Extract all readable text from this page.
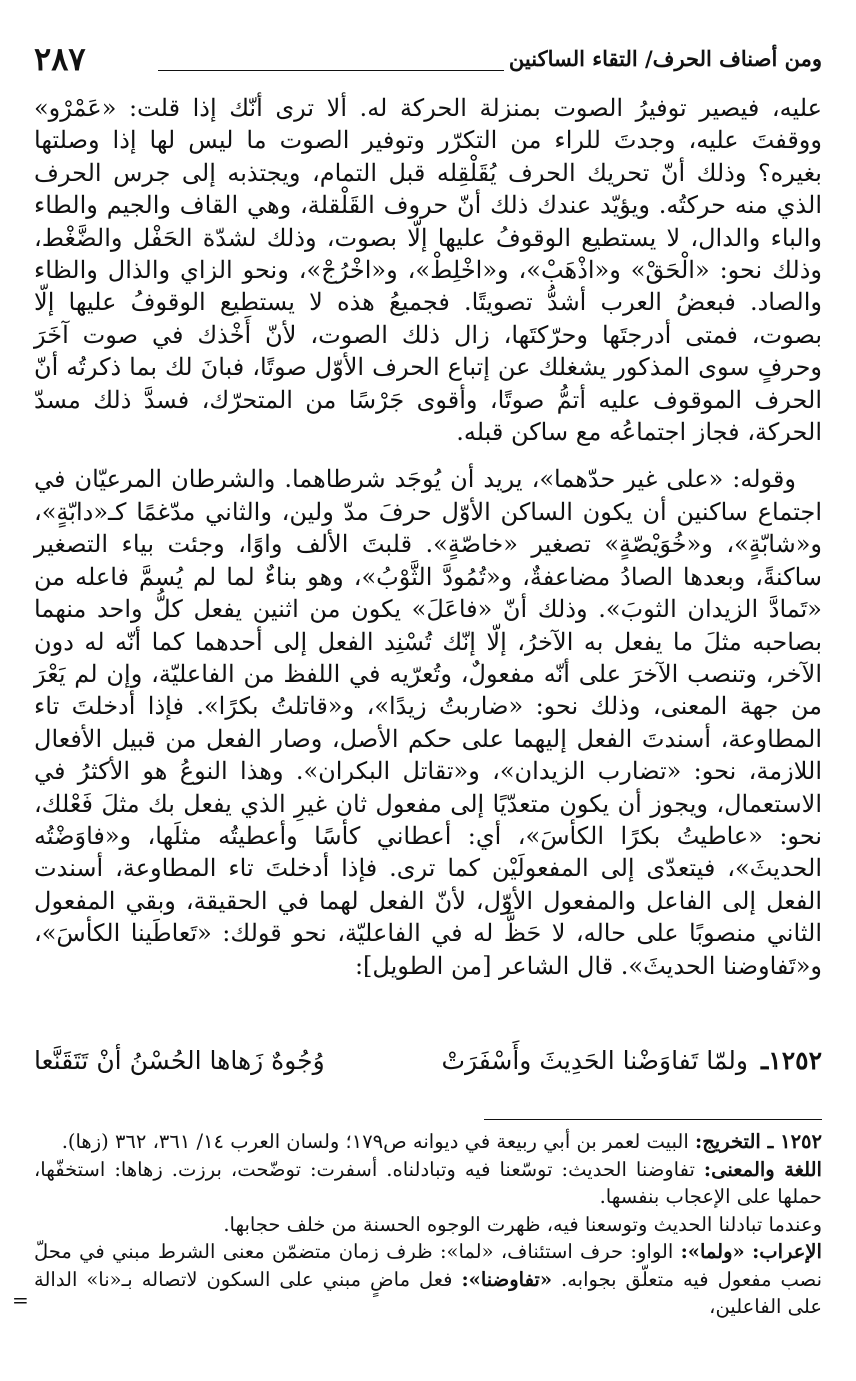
ومن أصناف الحرف/ التقاء الساكنين
٢٨٧

عليه، فيصير توفيرُ الصوت بمنزلة الحركة له. ألا ترى أنّك إذا قلت: «عَمْرْو» ووقفتَ عليه، وجدتَ للراء من التكرّر وتوفير الصوت ما ليس لها إذا وصلتها بغيره؟ وذلك أنّ تحريك الحرف يُقَلْقِله قبل التمام، ويجتذبه إلى جرس الحرف الذي منه حركتُه. ويؤيّد عندك ذلك أنّ حروف القَلْقلة، وهي القاف والجيم والطاء والباء والدال، لا يستطيع الوقوفُ عليها إلّا بصوت، وذلك لشدّة الحَفْل والضَّغْط، وذلك نحو: «الْحَقْ» و«اذْهَبْ»، و«اخْلِطْ»، و«اخْرُجْ»، ونحو الزاي والذال والظاء والصاد. فبعضُ العرب أشدُّ تصويتًا. فجميعُ هذه لا يستطيع الوقوفُ عليها إلّا بصوت، فمتى أدرجتَها وحرّكتَها، زال ذلك الصوت، لأنّ أَخْذك في صوت آخَرَ وحرفٍ سوى المذكور يشغلك عن إتباع الحرف الأوّل صوتًا، فبانَ لك بما ذكرتُه أنّ الحرف الموقوف عليه أتمُّ صوتًا، وأقوى جَرْسًا من المتحرّك، فسدَّ ذلك مسدّ الحركة، فجاز اجتماعُه مع ساكن قبله.

وقوله: «على غير حدّهما»، يريد أن يُوجَد شرطاهما. والشرطان المرعيّان في اجتماع ساكنين أن يكون الساكن الأوّل حرفَ مدّ ولين، والثاني مدّغمًا كـ«دابّةٍ»، و«شابّةٍ»، و«خُوَيْصّةٍ» تصغير «خاصّةٍ». قلبتَ الألف واوًا، وجئت بياء التصغير ساكنةً، وبعدها الصادُ مضاعفةٌ، و«تُمُودَّ الثَّوْبُ»، وهو بناءٌ لما لم يُسمَّ فاعله من «تَمادَّ الزيدان الثوبَ». وذلك أنّ «فاعَلَ» يكون من اثنين يفعل كلُّ واحد منهما بصاحبه مثلَ ما يفعل به الآخرُ، إلّا إنّك تُسْنِد الفعل إلى أحدهما كما أنّه له دون الآخر، وتنصب الآخرَ على أنّه مفعولٌ، وتُعرّيه في اللفظ من الفاعليّة، وإن لم يَعْرَ من جهة المعنى، وذلك نحو: «ضاربتُ زيدًا»، و«قاتلتُ بكرًا». فإذا أدخلتَ تاء المطاوعة، أسندتَ الفعل إليهما على حكم الأصل، وصار الفعل من قبيل الأفعال اللازمة، نحو: «تضارب الزيدان»، و«تقاتل البكران». وهذا النوعُ هو الأكثرُ في الاستعمال، ويجوز أن يكون متعدّيًا إلى مفعول ثان غيرِ الذي يفعل بك مثلَ فَعْلك، نحو: «عاطيتُ بكرًا الكأسَ»، أي: أعطاني كأسًا وأعطيتُه مثلَها، و«فاوَضْتُه الحديثَ»، فيتعدّى إلى المفعولَيْن كما ترى. فإذا أدخلتَ تاء المطاوعة، أسندت الفعل إلى الفاعل والمفعول الأوّل، لأنّ الفعل لهما في الحقيقة، وبقي المفعول الثاني منصوبًا على حاله، لا حَظَّ له في الفاعليّة، نحو قولك: «تَعاطَينا الكأسَ»، و«تَفاوضنا الحديثَ». قال الشاعر [من الطويل]:

١٢٥٢ـ
ولمّا تَفاوَضْنا الحَدِيثَ وأَسْفَرَتْ
وُجُوهٌ زَهاها الحُسْنُ أنْ تَتَقَنَّعا

١٢٥٢ ـ التخريج: البيت لعمر بن أبي ربيعة في ديوانه ص١٧٩؛ ولسان العرب ١٤/ ٣٦١، ٣٦٢ (زها).

اللغة والمعنى: تفاوضنا الحديث: توسّعنا فيه وتبادلناه. أسفرت: توضّحت، برزت. زهاها: استخفّها، حملها على الإعجاب بنفسها.

وعندما تبادلنا الحديث وتوسعنا فيه، ظهرت الوجوه الحسنة من خلف حجابها.

الإعراب: «ولما»: الواو: حرف استئناف، «لما»: ظرف زمان متضمّن معنى الشرط مبني في محلّ نصب مفعول فيه متعلّق بجوابه. «تفاوضنا»: فعل ماضٍ مبني على السكون لاتصاله بـ«نا» الدالة على الفاعلين،
=
